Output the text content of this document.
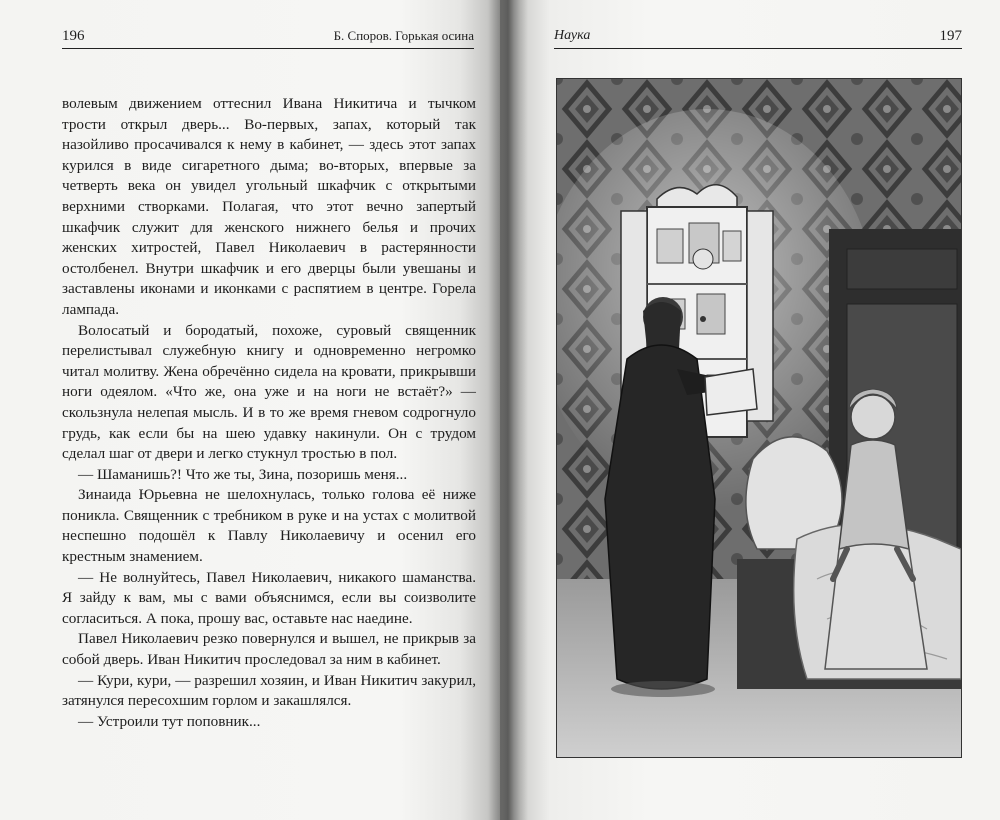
196	Б. Споров. Горькая осина	Наука	197

волевым движением оттеснил Ивана Никитича и тычком трости открыл дверь... Во-первых, запах, который так назойливо просачивался к нему в кабинет, — здесь этот запах курился в виде сигаретного дыма; во-вторых, впервые за четверть века он увидел угольный шкафчик с открытыми верхними створками. Полагая, что этот вечно запертый шкафчик служит для женского нижнего белья и прочих женских хитростей, Павел Николаевич в растерянности остолбенел. Внутри шкафчик и его дверцы были увешаны и заставлены иконами и иконками с распятием в центре. Горела лампада.

Волосатый и бородатый, похоже, суровый священник перелистывал служебную книгу и одновременно негромко читал молитву. Жена обречённо сидела на кровати, прикрывши ноги одеялом. «Что же, она уже и на ноги не встаёт?» — скользнула нелепая мысль. И в то же время гневом содрогнуло грудь, как если бы на шею удавку накинули. Он с трудом сделал шаг от двери и легко стукнул тростью в пол.

— Шаманишь?! Что же ты, Зина, позоришь меня...

Зинаида Юрьевна не шелохнулась, только голова её ниже поникла. Священник с требником в руке и на устах с молитвой неспешно подошёл к Павлу Николаевичу и осенил его крестным знамением.

— Не волнуйтесь, Павел Николаевич, никакого шаманства. Я зайду к вам, мы с вами объяснимся, если вы соизволите согласиться. А пока, прошу вас, оставьте нас наедине.

Павел Николаевич резко повернулся и вышел, не прикрыв за собой дверь. Иван Никитич проследовал за ним в кабинет.

— Кури, кури, — разрешил хозяин, и Иван Никитич закурил, затянулся пересохшим горлом и закашлялся.

— Устроили тут поповник...
